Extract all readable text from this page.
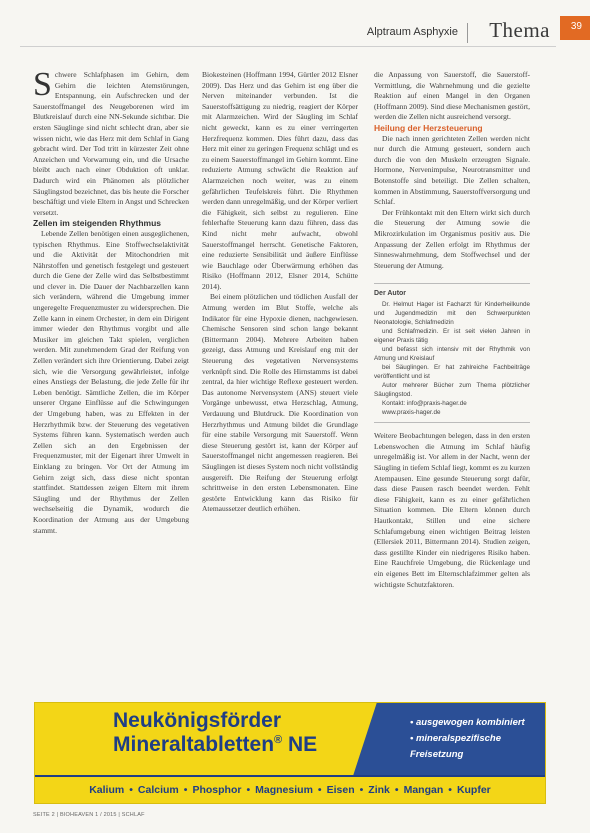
Alptraum Asphyxie Thema 39

Schwere Schlafphasen im Gehirn, dem Gehirn die leichten Atemstörungen, Entspannung, ein Aufschrecken und der Sauerstoffmangel des Neugeborenen wird im Blutkreislauf durch eine NN-Sekunde sichtbar. Die ersten Säuglinge sind nicht schlecht dran, aber sie wissen nicht, wie das Herz mit dem Schlaf in Gang gebracht wird. Der Tod tritt in kürzester Zeit ohne Anzeichen und Vorwarnung ein, und die Ursache bleibt auch nach einer Obduktion oft unklar. Dadurch wird ein Phänomen als plötzlicher Säuglingstod bezeichnet, das bis heute die Forscher beschäftigt und viele Eltern in Angst und Schrecken versetzt.

Zellen im steigenden Rhythmus

Lebende Zellen benötigen einen ausgeglichenen, typischen Rhythmus. Eine Stoffwechselaktivität und die Aktivität der Mitochondrien mit Nährstoffen und genetisch festgelegt und gesteuert durch die Gene der Zelle wird das Selbstbestimmt und clever in. Die Dauer der Nachbarzellen kann sich verändern, während die Umgebung immer ungeregelte Frequenzmuster zu widersprechen. Die Zelle kann in einem Orchester, in dem ein Dirigent immer wieder den Rhythmus vorgibt und alle Musiker im gleichen Takt spielen, verglichen werden. Mit zunehmendem Grad der Reifung von Zellen verändert sich ihre Orientierung. Dabei zeigt sich, wie die Versorgung gewährleistet, infolge eines Anstiegs der Belastung, die jede Zelle für ihr Leben benötigt. Sämtliche Zellen, die im Körper unserer Organe Einflüsse auf die Schwingungen der Umgebung haben, was zu Effekten in der Herzrhythmik bzw. der Steuerung des vegetativen Systems führen kann. Systematisch werden auch Zellen sich an den Ergebnissen der Frequenzmuster, mit der Eigenart ihrer Umwelt in Einklang zu bringen. Vor Ort der Atmung im Gehirn zeigt sich, dass diese nicht spontan stattfindet. Stattdessen zeigen Eltern mit ihrem Säugling und der Rhythmus der Zellen wechselseitig die Dynamik, wodurch die Koordination der Atmung aus der Umgebung stammt.

Biokesteinen (Hoffmann 1994, Gürtler 2012 Elsner 2009). Das Herz und das Gehirn ist eng über die Nerven miteinander verbunden. Ist die Sauerstoffsättigung zu niedrig, reagiert der Körper mit Alarmzeichen. Wird der Säugling im Schlaf nicht geweckt, kann es zu einer verringerten Herzfrequenz kommen. Dies führt dazu, dass das Herz mit einer zu geringen Frequenz schlägt und es zu einem Sauerstoffmangel im Gehirn kommt. Eine reduzierte Atmung schwächt die Reaktion auf Alarmzeichen noch weiter, was zu einem gefährlichen Teufelskreis führt. Die Rhythmen werden dann unregelmäßig, und der Körper verliert die Fähigkeit, sich selbst zu regulieren. Eine fehlerhafte Steuerung kann dazu führen, dass das Kind nicht mehr aufwacht, obwohl Sauerstoffmangel herrscht. Genetische Faktoren, eine reduzierte Sensibilität und äußere Einflüsse wie Bauchlage oder Überwärmung erhöhen das Risiko (Hoffmann 2012, Elsner 2014, Schütte 2014).

Bei einem plötzlichen und tödlichen Ausfall der Atmung werden im Blut Stoffe, welche als Indikator für eine Hypoxie dienen, nachgewiesen. Chemische Sensoren sind schon lange bekannt (Bittermann 2004). Mehrere Arbeiten haben gezeigt, dass Atmung und Kreislauf eng mit der Steuerung des vegetativen Nervensystems verknüpft sind. Die Rolle des Hirnstamms ist dabei zentral, da hier wichtige Reflexe gesteuert werden. Das autonome Nervensystem (ANS) steuert viele Vorgänge unbewusst, etwa Herzschlag, Atmung, Verdauung und Blutdruck. Die Koordination von Herzrhythmus und Atmung bildet die Grundlage für eine stabile Versorgung mit Sauerstoff. Wenn diese Steuerung gestört ist, kann der Körper auf Sauerstoffmangel nicht angemessen reagieren. Bei Säuglingen ist dieses System noch nicht vollständig ausgereift. Die Reifung der Steuerung erfolgt schrittweise in den ersten Lebensmonaten. Eine gestörte Entwicklung kann das Risiko für Atemaussetzer deutlich erhöhen.

die Anpassung von Sauerstoff, die Sauerstoff-Vermittlung, die Wahrnehmung und die gezielte Reaktion auf einen Mangel in den Organen (Hoffmann 2009). Sind diese Mechanismen gestört, werden die Zellen nicht ausreichend versorgt.

Heilung der Herzsteuerung

Die nach innen gerichteten Zellen werden nicht nur durch die Atmung gesteuert, sondern auch durch die von den Muskeln erzeugten Signale. Hormone, Nervenimpulse, Neurotransmitter und Botenstoffe sind beteiligt. Die Zellen schalten, kommen in Abstimmung, Sauerstoffversorgung und Schlaf.

Der Frühkontakt mit den Eltern wirkt sich durch die Steuerung der Atmung sowie die Mikrozirkulation im Organismus positiv aus. Die Anpassung der Zellen erfolgt im Rhythmus der Sinneswahrnehmung, dem Stoffwechsel und der Steuerung der Atmung.

Der Autor

Dr. Helmut Hager ist Facharzt für Kinderheilkunde und Jugendmedizin mit den Schwerpunkten Neonatologie, Schlafmedizin

und Schlafmedizin. Er ist seit vielen Jahren in eigener Praxis tätig

und befasst sich intensiv mit der Rhythmik von Atmung und Kreislauf

bei Säuglingen. Er hat zahlreiche Fachbeiträge veröffentlicht und ist

Autor mehrerer Bücher zum Thema plötzlicher Säuglingstod.

Kontakt: info@praxis-hager.de

www.praxis-hager.de

Weitere Beobachtungen belegen, dass in den ersten Lebenswochen die Atmung im Schlaf häufig unregelmäßig ist. Vor allem in der Nacht, wenn der Säugling in tiefem Schlaf liegt, kommt es zu kurzen Atempausen. Eine gesunde Steuerung sorgt dafür, dass diese Pausen rasch beendet werden. Fehlt diese Fähigkeit, kann es zu einer gefährlichen Situation kommen. Die Eltern können durch Hautkontakt, Stillen und eine sichere Schlafumgebung einen wichtigen Beitrag leisten (Ellersiek 2011, Bittermann 2014). Studien zeigen, dass gestillte Kinder ein niedrigeres Risiko haben. Eine Rauchfreie Umgebung, die Rückenlage und ein eigenes Bett im Elternschlafzimmer gelten als wichtigste Schutzfaktoren.

Neukönigsförder
Mineraltabletten® NE
• ausgewogen kombiniert
• mineralspezifische Freisetzung
Kalium • Calcium • Phosphor • Magnesium • Eisen • Zink • Mangan • Kupfer
SEITE 2 | BIOHEAVEN 1 / 2015 | SCHLAF
